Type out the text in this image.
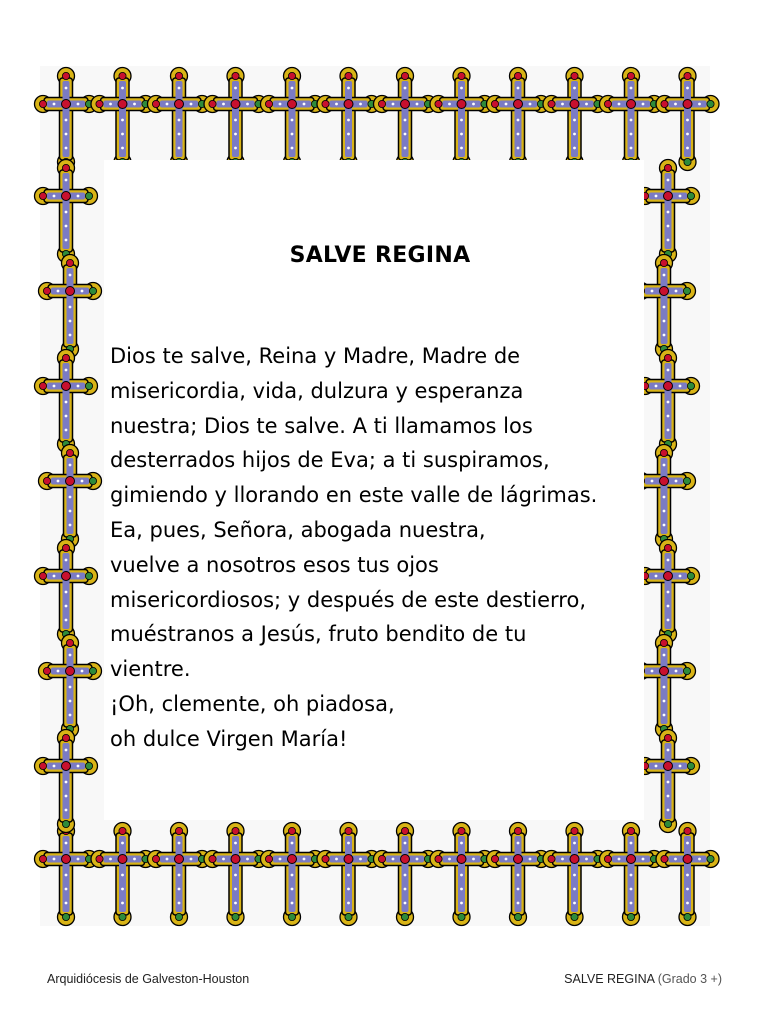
SALVE REGINA
Dios te salve, Reina y Madre, Madre de
misericordia, vida, dulzura y esperanza
nuestra; Dios te salve. A ti llamamos los
desterrados hijos de Eva; a ti suspiramos,
gimiendo y llorando en este valle de lágrimas.
Ea, pues, Señora, abogada nuestra,
vuelve a nosotros esos tus ojos
misericordiosos; y después de este destierro,
muéstranos a Jesús, fruto bendito de tu
vientre.
¡Oh, clemente, oh piadosa,
oh dulce Virgen María!
Arquidiócesis de Galveston-Houston	SALVE REGINA (Grado 3 +)
